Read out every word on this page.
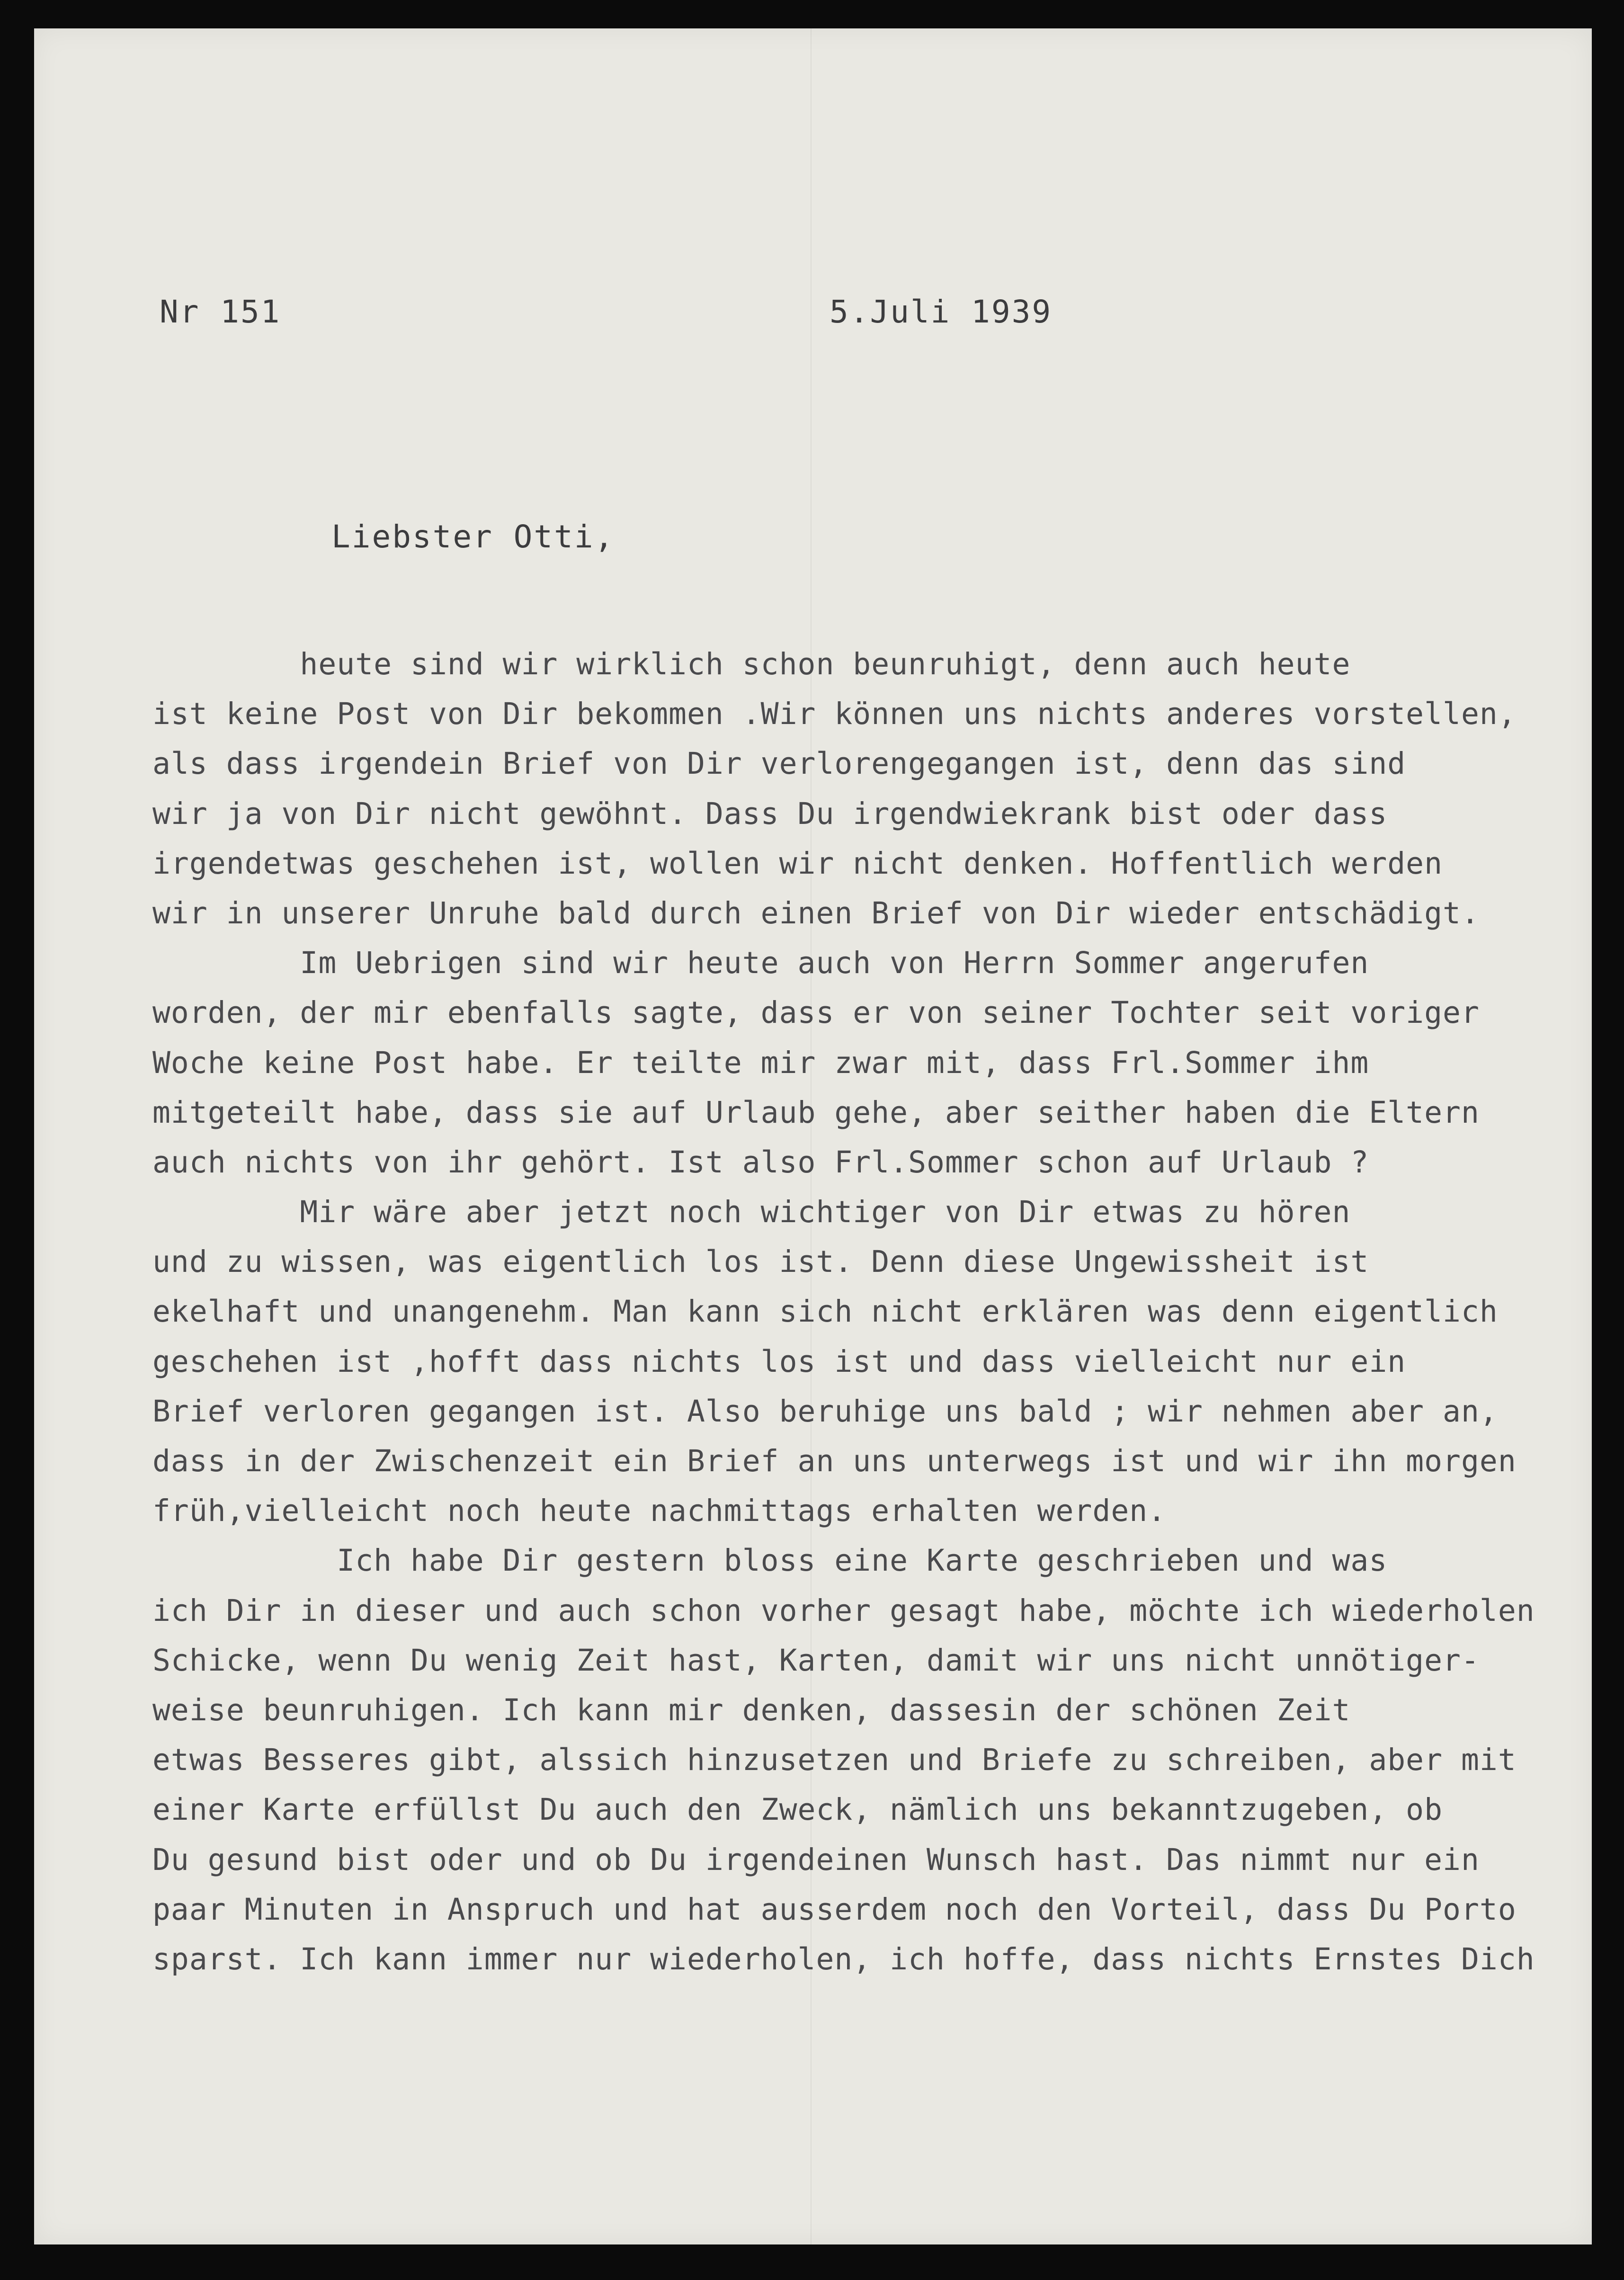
Nr 151	5.Juli 1939
Liebster Otti,
heute sind wir wirklich schon beunruhigt, denn auch heute
ist keine Post von Dir bekommen .Wir können uns nichts anderes vorstellen,
als dass irgendein Brief von Dir verlorengegangen ist, denn das sind
wir ja von Dir nicht gewöhnt. Dass Du irgendwiekrank bist oder dass
irgendetwas geschehen ist, wollen wir nicht denken. Hoffentlich werden
wir in unserer Unruhe bald durch einen Brief von Dir wieder entschädigt.
Im Uebrigen sind wir heute auch von Herrn Sommer angerufen
worden, der mir ebenfalls sagte, dass er von seiner Tochter seit voriger
Woche keine Post habe. Er teilte mir zwar mit, dass Frl.Sommer ihm
mitgeteilt habe, dass sie auf Urlaub gehe, aber seither haben die Eltern
auch nichts von ihr gehört. Ist also Frl.Sommer schon auf Urlaub ?
Mir wäre aber jetzt noch wichtiger von Dir etwas zu hören
und zu wissen, was eigentlich los ist. Denn diese Ungewissheit ist
ekelhaft und unangenehm. Man kann sich nicht erklären was denn eigentlich
geschehen ist ,hofft dass nichts los ist und dass vielleicht nur ein
Brief verloren gegangen ist. Also beruhige uns bald ; wir nehmen aber an,
dass in der Zwischenzeit ein Brief an uns unterwegs ist und wir ihn morgen
früh,vielleicht noch heute nachmittags erhalten werden.
Ich habe Dir gestern bloss eine Karte geschrieben und was
ich Dir in dieser und auch schon vorher gesagt habe, möchte ich wiederholen
Schicke, wenn Du wenig Zeit hast, Karten, damit wir uns nicht unnötiger-
weise beunruhigen. Ich kann mir denken, dassesin der schönen Zeit
etwas Besseres gibt, alssich hinzusetzen und Briefe zu schreiben, aber mit
einer Karte erfüllst Du auch den Zweck, nämlich uns bekanntzugeben, ob
Du gesund bist oder und ob Du irgendeinen Wunsch hast. Das nimmt nur ein
paar Minuten in Anspruch und hat ausserdem noch den Vorteil, dass Du Porto
sparst. Ich kann immer nur wiederholen, ich hoffe, dass nichts Ernstes Dich
